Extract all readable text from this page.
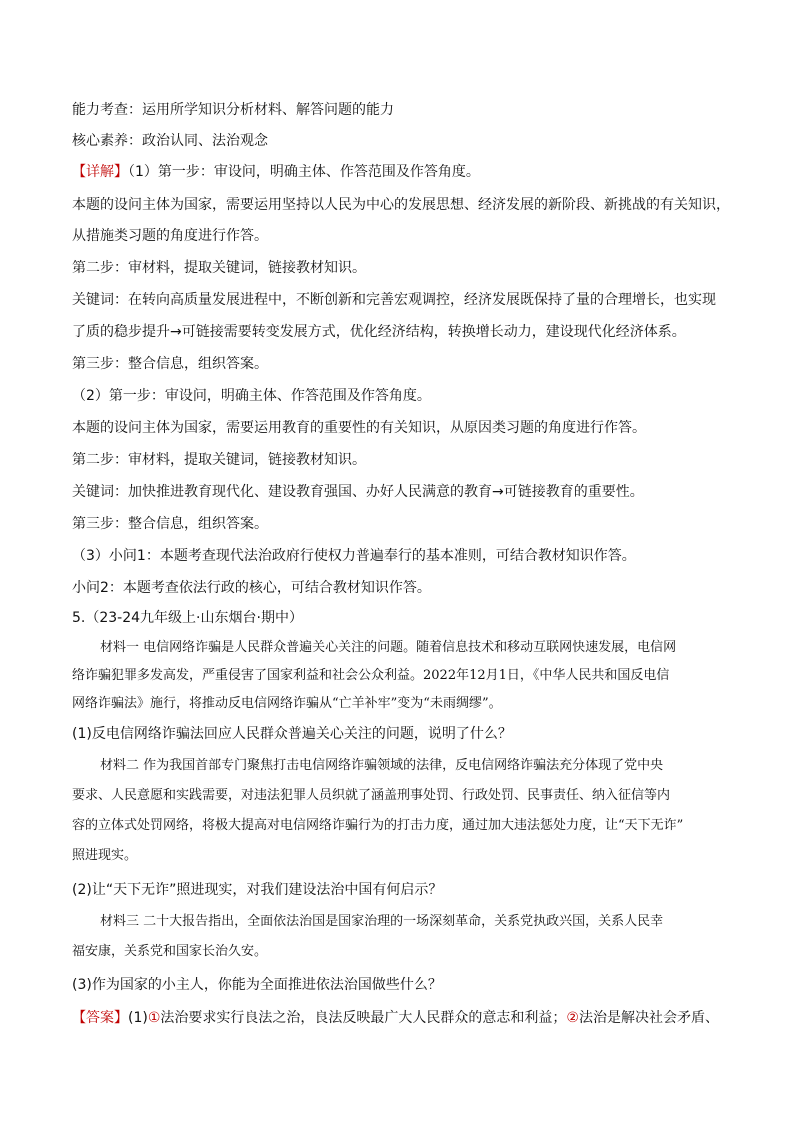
能力考查：运用所学知识分析材料、解答问题的能力
核心素养：政治认同、法治观念
【详解】（1）第一步：审设问，明确主体、作答范围及作答角度。
本题的设问主体为国家，需要运用坚持以人民为中心的发展思想、经济发展的新阶段、新挑战的有关知识，
从措施类习题的角度进行作答。
第二步：审材料，提取关键词，链接教材知识。
关键词：在转向高质量发展进程中，不断创新和完善宏观调控，经济发展既保持了量的合理增长，也实现
了质的稳步提升→可链接需要转变发展方式，优化经济结构，转换增长动力，建设现代化经济体系。
第三步：整合信息，组织答案。
（2）第一步：审设问，明确主体、作答范围及作答角度。
本题的设问主体为国家，需要运用教育的重要性的有关知识，从原因类习题的角度进行作答。
第二步：审材料，提取关键词，链接教材知识。
关键词：加快推进教育现代化、建设教育强国、办好人民满意的教育→可链接教育的重要性。
第三步：整合信息，组织答案。
（3）小问1：本题考查现代法治政府行使权力普遍奉行的基本准则，可结合教材知识作答。
小问2：本题考查依法行政的核心，可结合教材知识作答。
5.（23-24九年级上·山东烟台·期中）
材料一 电信网络诈骗是人民群众普遍关心关注的问题。随着信息技术和移动互联网快速发展，电信网
络诈骗犯罪多发高发，严重侵害了国家利益和社会公众利益。2022年12月1日，《中华人民共和国反电信
网络诈骗法》施行，将推动反电信网络诈骗从“亡羊补牢”变为“未雨绸缪”。
(1)反电信网络诈骗法回应人民群众普遍关心关注的问题，说明了什么？
材料二 作为我国首部专门聚焦打击电信网络诈骗领域的法律，反电信网络诈骗法充分体现了党中央
要求、人民意愿和实践需要，对违法犯罪人员织就了涵盖刑事处罚、行政处罚、民事责任、纳入征信等内
容的立体式处罚网络，将极大提高对电信网络诈骗行为的打击力度，通过加大违法惩处力度，让“天下无诈”
照进现实。
(2)让“天下无诈”照进现实，对我们建设法治中国有何启示？
材料三 二十大报告指出，全面依法治国是国家治理的一场深刻革命，关系党执政兴国，关系人民幸
福安康，关系党和国家长治久安。
(3)作为国家的小主人，你能为全面推进依法治国做些什么？
【答案】(1)①法治要求实行良法之治，良法反映最广大人民群众的意志和利益；②法治是解决社会矛盾、
